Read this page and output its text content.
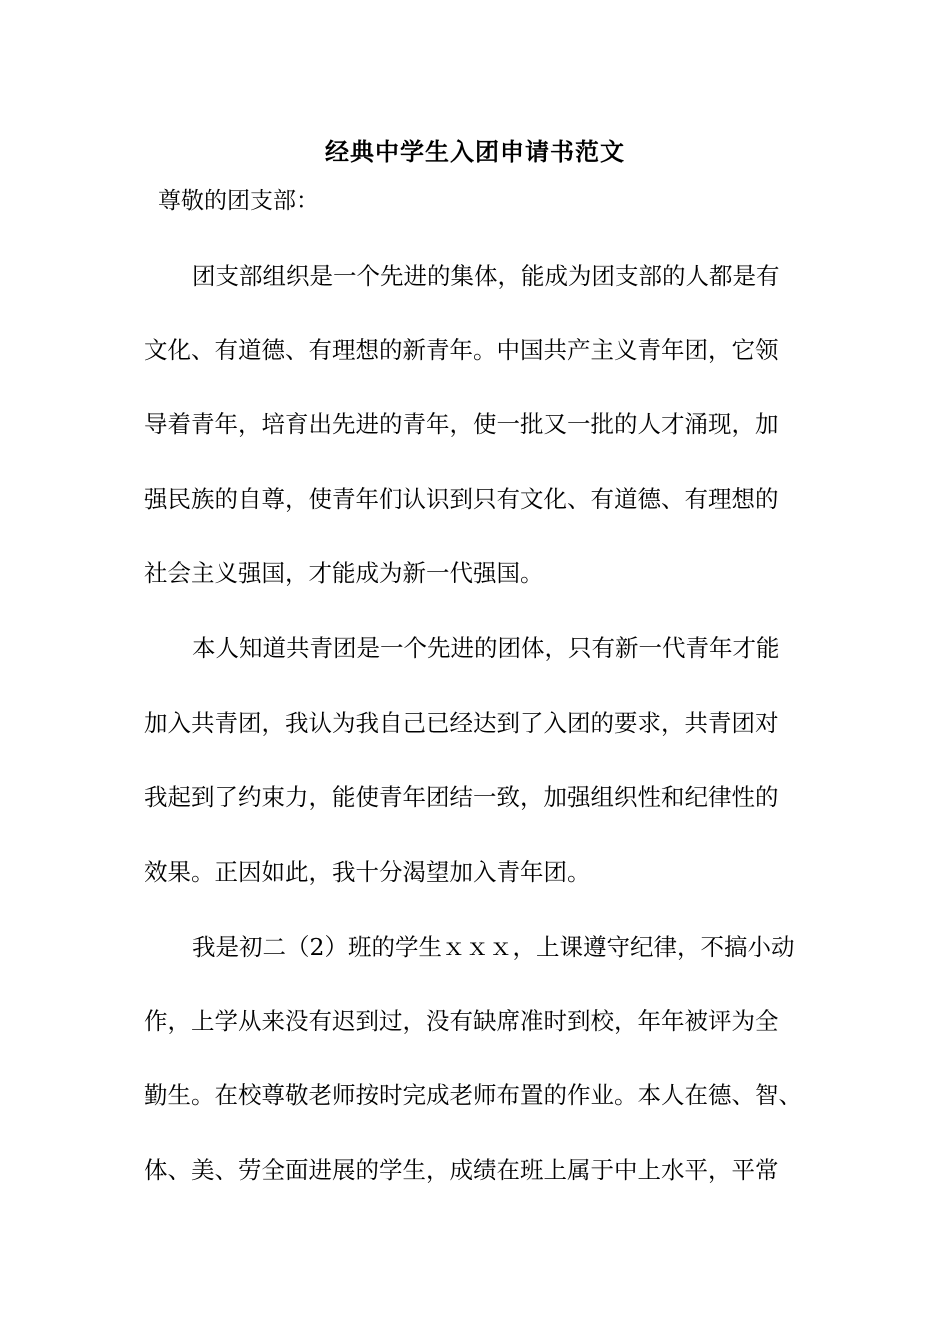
经典中学生入团申请书范文
尊敬的团支部：
团支部组织是一个先进的集体，能成为团支部的人都是有
文化、有道德、有理想的新青年。中国共产主义青年团，它领
导着青年，培育出先进的青年，使一批又一批的人才涌现，加
强民族的自尊，使青年们认识到只有文化、有道德、有理想的
社会主义强国，才能成为新一代强国。
本人知道共青团是一个先进的团体，只有新一代青年才能
加入共青团，我认为我自己已经达到了入团的要求，共青团对
我起到了约束力，能使青年团结一致，加强组织性和纪律性的
效果。正因如此，我十分渴望加入青年团。
我是初二（2）班的学生ｘｘｘ，上课遵守纪律，不搞小动
作，上学从来没有迟到过，没有缺席准时到校，年年被评为全
勤生。在校尊敬老师按时完成老师布置的作业。本人在德、智、
体、美、劳全面进展的学生，成绩在班上属于中上水平，平常
